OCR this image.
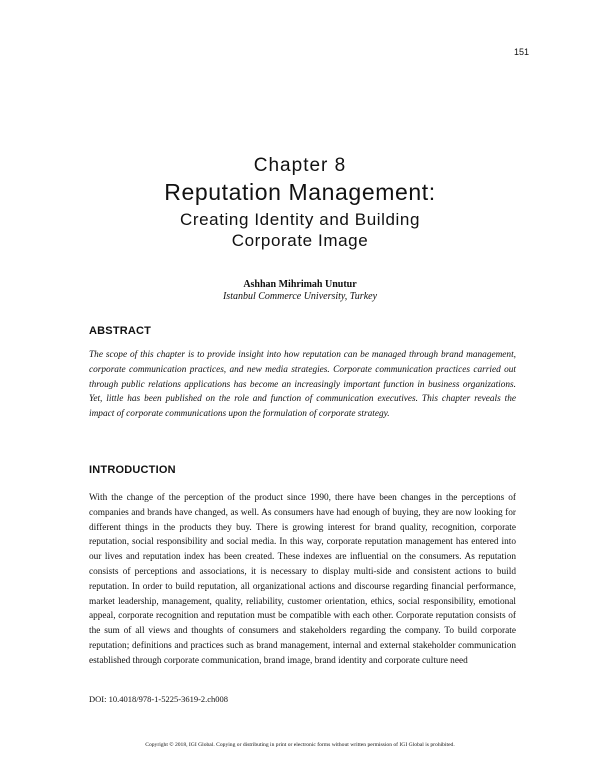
151
Chapter 8
Reputation Management:
Creating Identity and Building
Corporate Image
Ashhan Mihrimah Unutur
Istanbul Commerce University, Turkey
ABSTRACT
The scope of this chapter is to provide insight into how reputation can be managed through brand management, corporate communication practices, and new media strategies. Corporate communication practices carried out through public relations applications has become an increasingly important function in business organizations. Yet, little has been published on the role and function of communication executives. This chapter reveals the impact of corporate communications upon the formulation of corporate strategy.
INTRODUCTION
With the change of the perception of the product since 1990, there have been changes in the perceptions of companies and brands have changed, as well. As consumers have had enough of buying, they are now looking for different things in the products they buy. There is growing interest for brand quality, recognition, corporate reputation, social responsibility and social media. In this way, corporate reputation management has entered into our lives and reputation index has been created. These indexes are influential on the consumers. As reputation consists of perceptions and associations, it is necessary to display multi-side and consistent actions to build reputation. In order to build reputation, all organizational actions and discourse regarding financial performance, market leadership, management, quality, reliability, customer orientation, ethics, social responsibility, emotional appeal, corporate recognition and reputation must be compatible with each other. Corporate reputation consists of the sum of all views and thoughts of consumers and stakeholders regarding the company. To build corporate reputation; definitions and practices such as brand management, internal and external stakeholder communication established through corporate communication, brand image, brand identity and corporate culture need
DOI: 10.4018/978-1-5225-3619-2.ch008
Copyright © 2018, IGI Global. Copying or distributing in print or electronic forms without written permission of IGI Global is prohibited.
